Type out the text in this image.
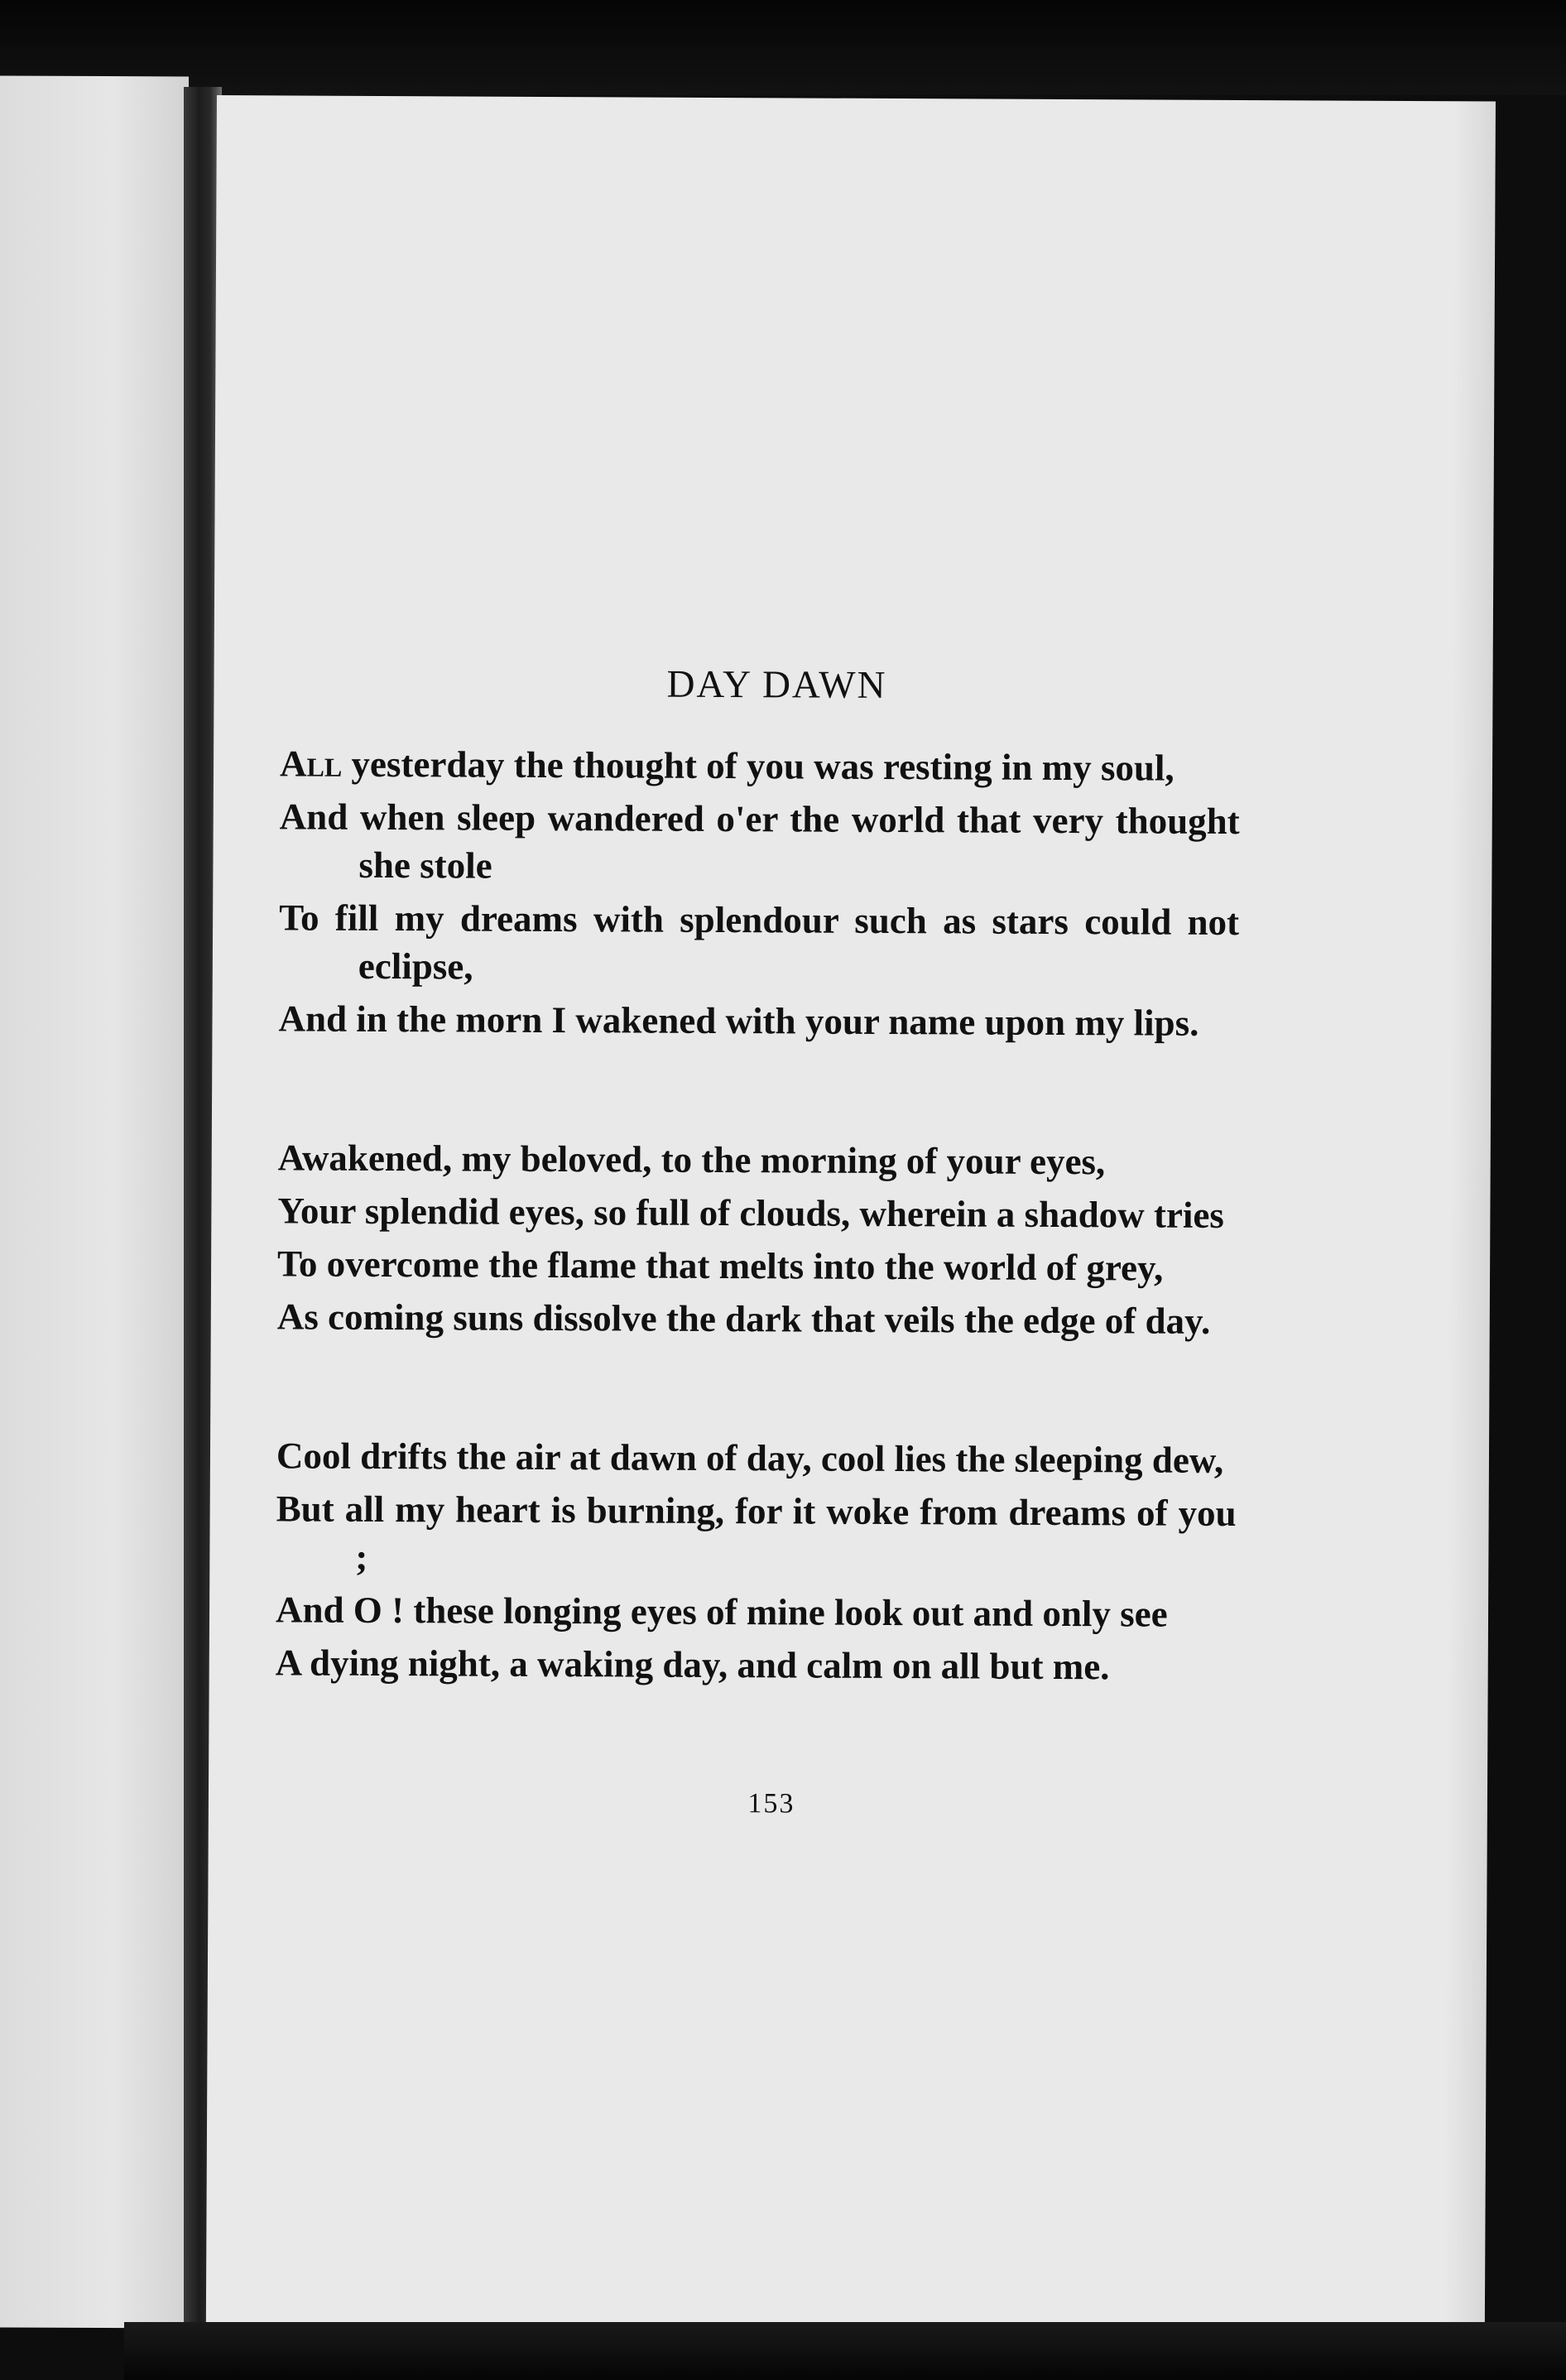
DAY DAWN
All yesterday the thought of you was resting in my soul,
And when sleep wandered o'er the world that very thought she stole
To fill my dreams with splendour such as stars could not eclipse,
And in the morn I wakened with your name upon my lips.
Awakened, my beloved, to the morning of your eyes,
Your splendid eyes, so full of clouds, wherein a shadow tries
To overcome the flame that melts into the world of grey,
As coming suns dissolve the dark that veils the edge of day.
Cool drifts the air at dawn of day, cool lies the sleeping dew,
But all my heart is burning, for it woke from dreams of you ;
And O ! these longing eyes of mine look out and only see
A dying night, a waking day, and calm on all but me.
153
